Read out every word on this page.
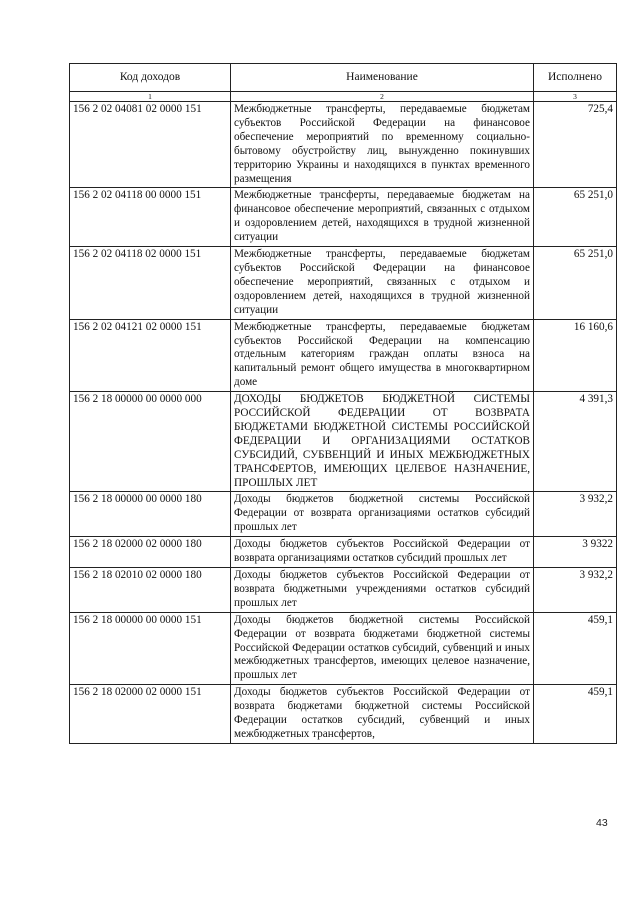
Код доходов	Наименование	Исполнено
1	2	3
156 2 02 04081 02 0000 151	Межбюджетные трансферты, передаваемые бюджетам субъектов Российской Федерации на финансовое обеспечение мероприятий по временному социально-бытовому обустройству лиц, вынужденно покинувших территорию Украины и находящихся в пунктах временного размещения	725,4
156 2 02 04118 00 0000 151	Межбюджетные трансферты, передаваемые бюджетам на финансовое обеспечение мероприятий, связанных с отдыхом и оздоровлением детей, находящихся в трудной жизненной ситуации	65 251,0
156 2 02 04118 02 0000 151	Межбюджетные трансферты, передаваемые бюджетам субъектов Российской Федерации на финансовое обеспечение мероприятий, связанных с отдыхом и оздоровлением детей, находящихся в трудной жизненной ситуации	65 251,0
156 2 02 04121 02 0000 151	Межбюджетные трансферты, передаваемые бюджетам субъектов Российской Федерации на компенсацию отдельным категориям граждан оплаты взноса на капитальный ремонт общего имущества в многоквартирном доме	16 160,6
156 2 18 00000 00 0000 000	ДОХОДЫ БЮДЖЕТОВ БЮДЖЕТНОЙ СИСТЕМЫ РОССИЙСКОЙ ФЕДЕРАЦИИ ОТ ВОЗВРАТА БЮДЖЕТАМИ БЮДЖЕТНОЙ СИСТЕМЫ РОССИЙСКОЙ ФЕДЕРАЦИИ И ОРГАНИЗАЦИЯМИ ОСТАТКОВ СУБСИДИЙ, СУБВЕНЦИЙ И ИНЫХ МЕЖБЮДЖЕТНЫХ ТРАНСФЕРТОВ, ИМЕЮЩИХ ЦЕЛЕВОЕ НАЗНАЧЕНИЕ, ПРОШЛЫХ ЛЕТ	4 391,3
156 2 18 00000 00 0000 180	Доходы бюджетов бюджетной системы Российской Федерации от возврата организациями остатков субсидий прошлых лет	3 932,2
156 2 18 02000 02 0000 180	Доходы бюджетов субъектов Российской Федерации от возврата организациями остатков субсидий прошлых лет	3 9322
156 2 18 02010 02 0000 180	Доходы бюджетов субъектов Российской Федерации от возврата бюджетными учреждениями остатков субсидий прошлых лет	3 932,2
156 2 18 00000 00 0000 151	Доходы бюджетов бюджетной системы Российской Федерации от возврата бюджетами бюджетной системы Российской Федерации остатков субсидий, субвенций и иных межбюджетных трансфертов, имеющих целевое назначение, прошлых лет	459,1
156 2 18 02000 02 0000 151	Доходы бюджетов субъектов Российской Федерации от возврата бюджетами бюджетной системы Российской Федерации остатков субсидий, субвенций и иных межбюджетных трансфертов,	459,1
43
